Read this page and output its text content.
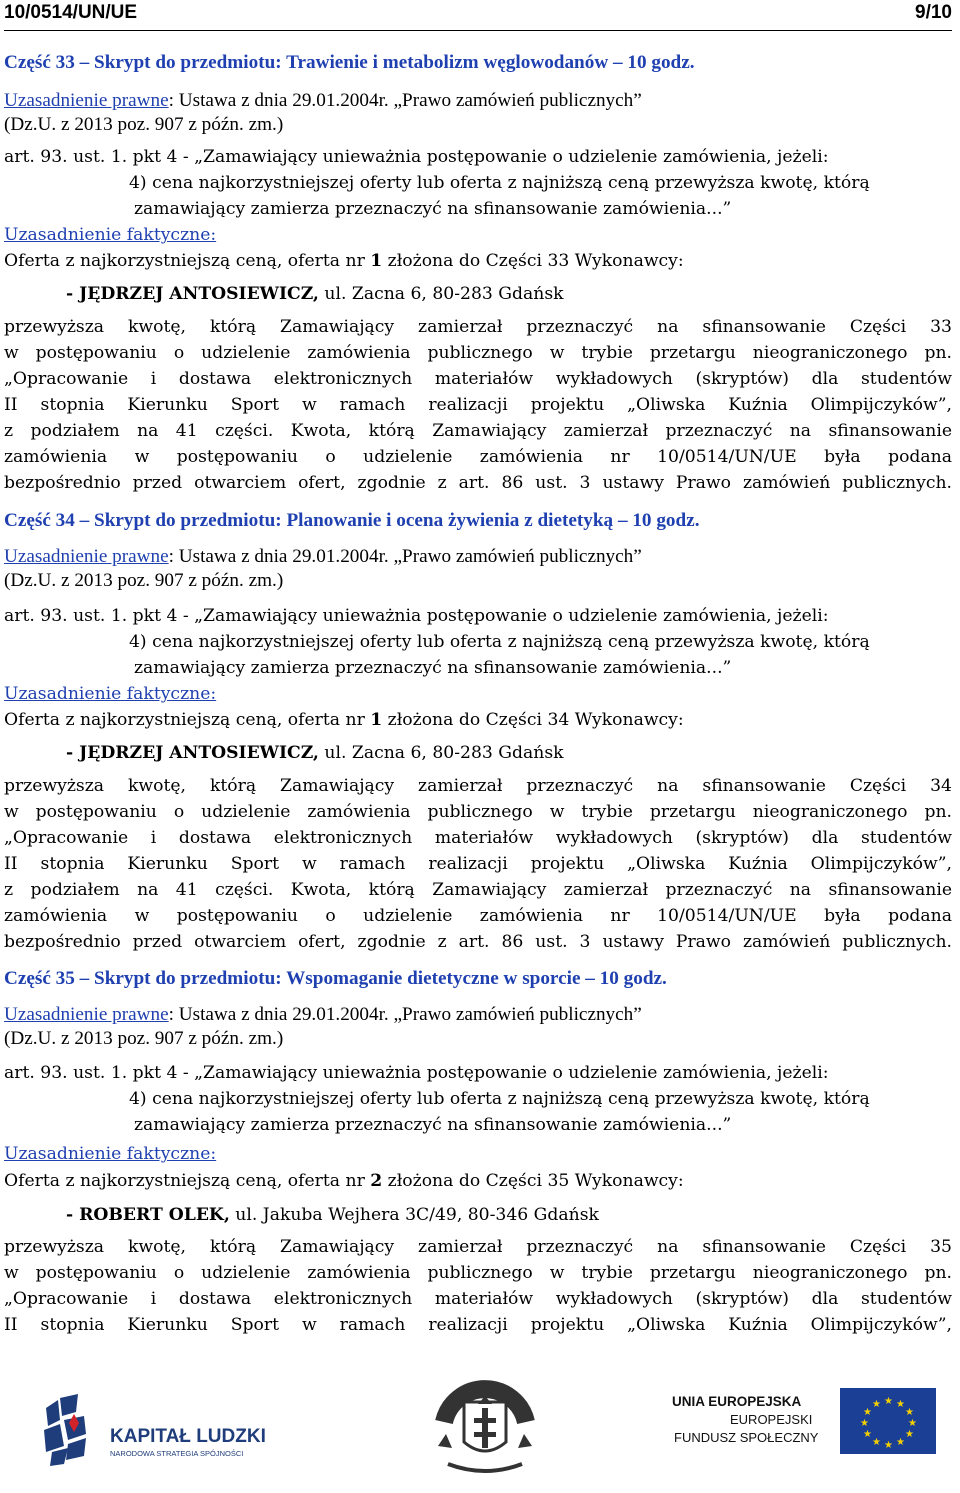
10/0514/UN/UE	9/10
Część 33 – Skrypt do przedmiotu: Trawienie i metabolizm węglowodanów – 10 godz.
Uzasadnienie prawne: Ustawa z dnia 29.01.2004r. „Prawo zamówień publicznych”
(Dz.U. z 2013 poz. 907 z późn. zm.)
art. 93. ust. 1. pkt 4 - „Zamawiający unieważnia postępowanie o udzielenie zamówienia, jeżeli:
4) cena najkorzystniejszej oferty lub oferta z najniższą ceną przewyższa kwotę, którą
zamawiający zamierza przeznaczyć na sfinansowanie zamówienia...”
Uzasadnienie faktyczne:
Oferta z najkorzystniejszą ceną, oferta nr 1 złożona do Części 33 Wykonawcy:
- JĘDRZEJ ANTOSIEWICZ, ul. Zacna 6, 80-283 Gdańsk
przewyższa kwotę, którą Zamawiający zamierzał przeznaczyć na sfinansowanie Części 33
w postępowaniu o udzielenie zamówienia publicznego w trybie przetargu nieograniczonego pn.
„Opracowanie i dostawa elektronicznych materiałów wykładowych (skryptów) dla studentów
II stopnia Kierunku Sport w ramach realizacji projektu „Oliwska Kuźnia Olimpijczyków”,
z podziałem na 41 części. Kwota, którą Zamawiający zamierzał przeznaczyć na sfinansowanie
zamówienia w postępowaniu o udzielenie zamówienia nr 10/0514/UN/UE była podana
bezpośrednio przed otwarciem ofert, zgodnie z art. 86 ust. 3 ustawy Prawo zamówień publicznych.
Część 34 – Skrypt do przedmiotu: Planowanie i ocena żywienia z dietetyką – 10 godz.
Uzasadnienie prawne: Ustawa z dnia 29.01.2004r. „Prawo zamówień publicznych”
(Dz.U. z 2013 poz. 907 z późn. zm.)
art. 93. ust. 1. pkt 4 - „Zamawiający unieważnia postępowanie o udzielenie zamówienia, jeżeli:
4) cena najkorzystniejszej oferty lub oferta z najniższą ceną przewyższa kwotę, którą
zamawiający zamierza przeznaczyć na sfinansowanie zamówienia...”
Uzasadnienie faktyczne:
Oferta z najkorzystniejszą ceną, oferta nr 1 złożona do Części 34 Wykonawcy:
- JĘDRZEJ ANTOSIEWICZ, ul. Zacna 6, 80-283 Gdańsk
przewyższa kwotę, którą Zamawiający zamierzał przeznaczyć na sfinansowanie Części 34
w postępowaniu o udzielenie zamówienia publicznego w trybie przetargu nieograniczonego pn.
„Opracowanie i dostawa elektronicznych materiałów wykładowych (skryptów) dla studentów
II stopnia Kierunku Sport w ramach realizacji projektu „Oliwska Kuźnia Olimpijczyków”,
z podziałem na 41 części. Kwota, którą Zamawiający zamierzał przeznaczyć na sfinansowanie
zamówienia w postępowaniu o udzielenie zamówienia nr 10/0514/UN/UE była podana
bezpośrednio przed otwarciem ofert, zgodnie z art. 86 ust. 3 ustawy Prawo zamówień publicznych.
Część 35 – Skrypt do przedmiotu: Wspomaganie dietetyczne w sporcie – 10 godz.
Uzasadnienie prawne: Ustawa z dnia 29.01.2004r. „Prawo zamówień publicznych”
(Dz.U. z 2013 poz. 907 z późn. zm.)
art. 93. ust. 1. pkt 4 - „Zamawiający unieważnia postępowanie o udzielenie zamówienia, jeżeli:
4) cena najkorzystniejszej oferty lub oferta z najniższą ceną przewyższa kwotę, którą
zamawiający zamierza przeznaczyć na sfinansowanie zamówienia...”
Uzasadnienie faktyczne:
Oferta z najkorzystniejszą ceną, oferta nr 2 złożona do Części 35 Wykonawcy:
- ROBERT OLEK, ul. Jakuba Wejhera 3C/49, 80-346 Gdańsk
przewyższa kwotę, którą Zamawiający zamierzał przeznaczyć na sfinansowanie Części 35
w postępowaniu o udzielenie zamówienia publicznego w trybie przetargu nieograniczonego pn.
„Opracowanie i dostawa elektronicznych materiałów wykładowych (skryptów) dla studentów
II stopnia Kierunku Sport w ramach realizacji projektu „Oliwska Kuźnia Olimpijczyków”,
KAPITAŁ LUDZKI
NARODOWA STRATEGIA SPÓJNOŚCI
UNIA EUROPEJSKA
EUROPEJSKI
FUNDUSZ SPOŁECZNY
★ ★
★
★
★
★
★
★
★
★
★
★
